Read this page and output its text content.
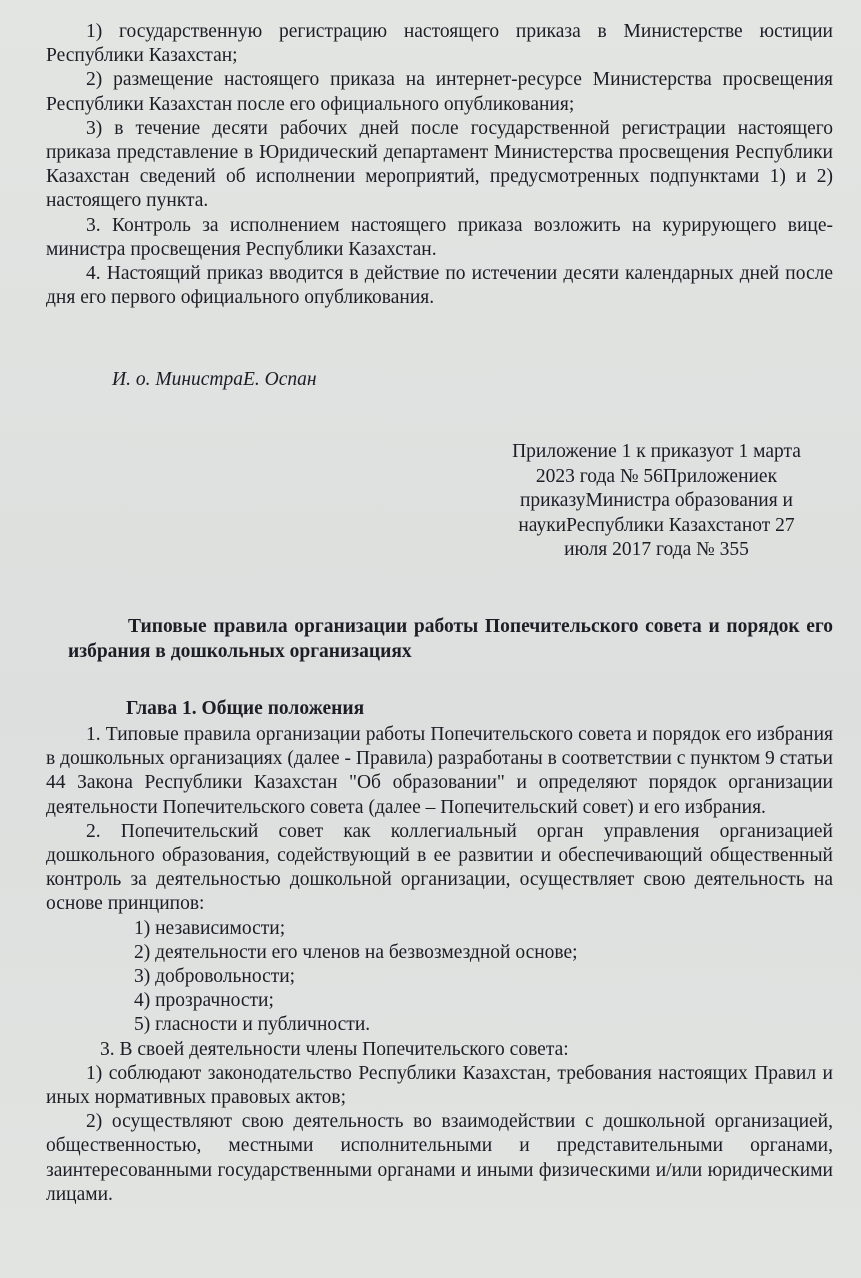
1) государственную регистрацию настоящего приказа в Министерстве юстиции Республики Казахстан;

2) размещение настоящего приказа на интернет-ресурсе Министерства просвещения Республики Казахстан после его официального опубликования;

3) в течение десяти рабочих дней после государственной регистрации настоящего приказа представление в Юридический департамент Министерства просвещения Республики Казахстан сведений об исполнении мероприятий, предусмотренных подпунктами 1) и 2) настоящего пункта.

3. Контроль за исполнением настоящего приказа возложить на курирующего вице-министра просвещения Республики Казахстан.

4. Настоящий приказ вводится в действие по истечении десяти календарных дней после дня его первого официального опубликования.

И. о. МинистраЕ. Оспан
Приложение 1 к приказуот 1 марта
2023 года № 56Приложениек
приказуМинистра образования и
наукиРеспублики Казахстанот 27
июля 2017 года № 355
Типовые правила организации работы Попечительского совета и порядок его избрания в дошкольных организациях
Глава 1. Общие положения

1. Типовые правила организации работы Попечительского совета и порядок его избрания в дошкольных организациях (далее - Правила) разработаны в соответствии с пунктом 9 статьи 44 Закона Республики Казахстан "Об образовании" и определяют порядок организации деятельности Попечительского совета (далее – Попечительский совет) и его избрания.

2. Попечительский совет как коллегиальный орган управления организацией дошкольного образования, содействующий в ее развитии и обеспечивающий общественный контроль за деятельностью дошкольной организации, осуществляет свою деятельность на основе принципов:

1) независимости;
2) деятельности его членов на безвозмездной основе;
3) добровольности;
4) прозрачности;
5) гласности и публичности.

3. В своей деятельности члены Попечительского совета:

1) соблюдают законодательство Республики Казахстан, требования настоящих Правил и иных нормативных правовых актов;

2) осуществляют свою деятельность во взаимодействии с дошкольной организацией, общественностью, местными исполнительными и представительными органами, заинтересованными государственными органами и иными физическими и/или юридическими лицами.
